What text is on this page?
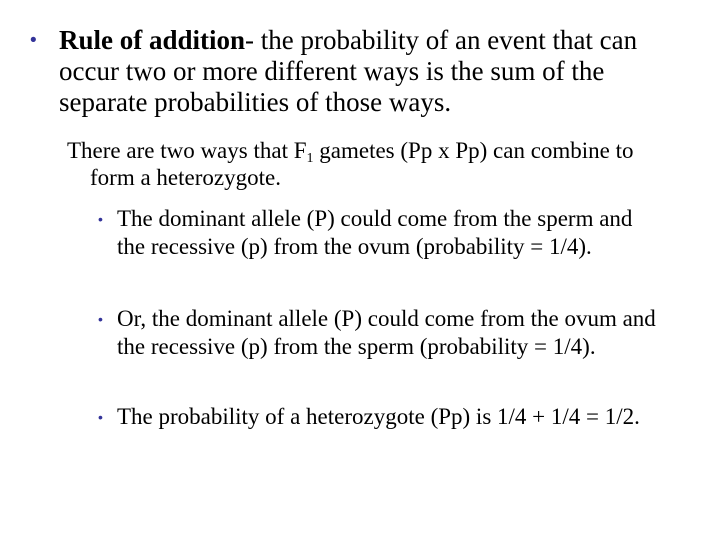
• Rule of addition- the probability of an event that can occur two or more different ways is the sum of the separate probabilities of those ways.
There are two ways that $F_1$ gametes (Pp x Pp) can combine to form a heterozygote.
• The dominant allele (P) could come from the sperm and the recessive (p) from the ovum (probability = 1/4).
• Or, the dominant allele (P) could come from the ovum and the recessive (p) from the sperm (probability = 1/4).
• The probability of a heterozygote (Pp) is 1/4 + 1/4 = 1/2.
